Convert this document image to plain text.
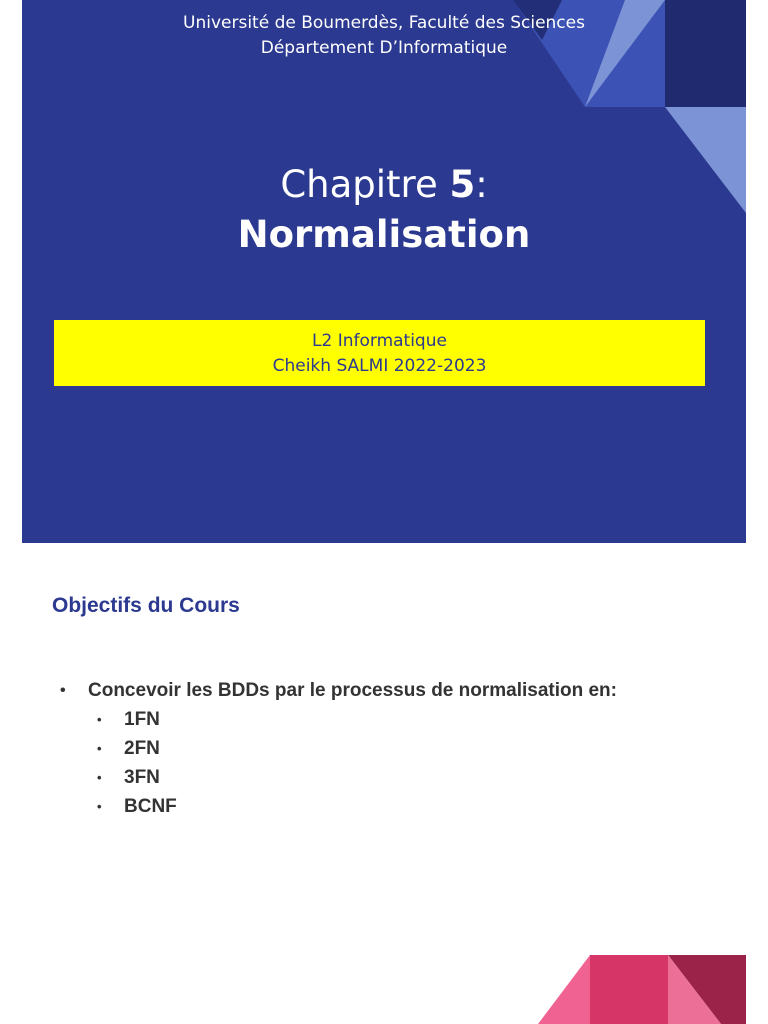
Université de Boumerdès, Faculté des Sciences
Département D’Informatique
Chapitre 5:
Normalisation
L2 Informatique
Cheikh SALMI 2022-2023
Objectifs du Cours
• Concevoir les BDDs par le processus de normalisation en:
• 1FN
• 2FN
• 3FN
• BCNF
